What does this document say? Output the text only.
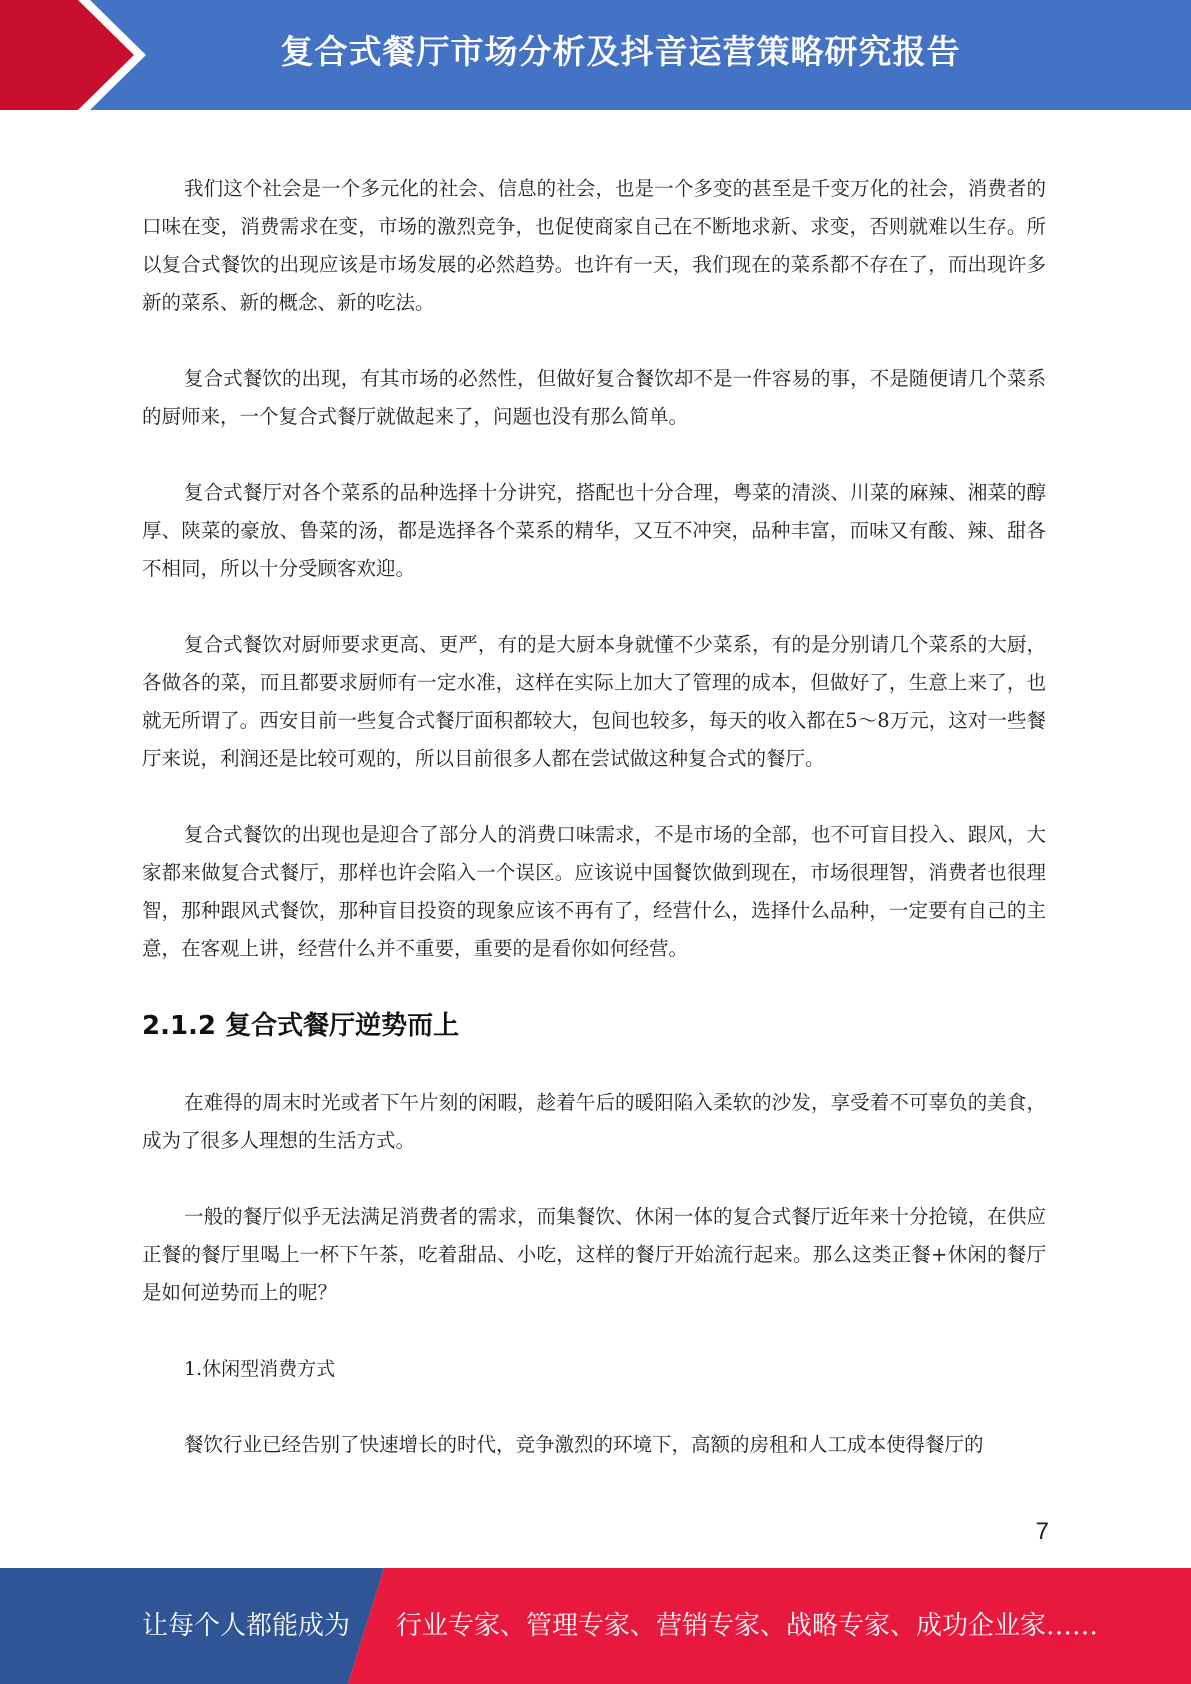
复合式餐厅市场分析及抖音运营策略研究报告

我们这个社会是一个多元化的社会、信息的社会，也是一个多变的甚至是千变万化的社会，消费者的口味在变，消费需求在变，市场的激烈竞争，也促使商家自己在不断地求新、求变，否则就难以生存。所以复合式餐饮的出现应该是市场发展的必然趋势。也许有一天，我们现在的菜系都不存在了，而出现许多新的菜系、新的概念、新的吃法。

复合式餐饮的出现，有其市场的必然性，但做好复合餐饮却不是一件容易的事，不是随便请几个菜系的厨师来，一个复合式餐厅就做起来了，问题也没有那么简单。

复合式餐厅对各个菜系的品种选择十分讲究，搭配也十分合理，粤菜的清淡、川菜的麻辣、湘菜的醇厚、陕菜的豪放、鲁菜的汤，都是选择各个菜系的精华，又互不冲突，品种丰富，而味又有酸、辣、甜各不相同，所以十分受顾客欢迎。

复合式餐饮对厨师要求更高、更严，有的是大厨本身就懂不少菜系，有的是分别请几个菜系的大厨，各做各的菜，而且都要求厨师有一定水准，这样在实际上加大了管理的成本，但做好了，生意上来了，也就无所谓了。西安目前一些复合式餐厅面积都较大，包间也较多，每天的收入都在5～8万元，这对一些餐厅来说，利润还是比较可观的，所以目前很多人都在尝试做这种复合式的餐厅。

复合式餐饮的出现也是迎合了部分人的消费口味需求，不是市场的全部，也不可盲目投入、跟风，大家都来做复合式餐厅，那样也许会陷入一个误区。应该说中国餐饮做到现在，市场很理智，消费者也很理智，那种跟风式餐饮，那种盲目投资的现象应该不再有了，经营什么，选择什么品种，一定要有自己的主意，在客观上讲，经营什么并不重要，重要的是看你如何经营。

2.1.2 复合式餐厅逆势而上

在难得的周末时光或者下午片刻的闲暇，趁着午后的暖阳陷入柔软的沙发，享受着不可辜负的美食，成为了很多人理想的生活方式。

一般的餐厅似乎无法满足消费者的需求，而集餐饮、休闲一体的复合式餐厅近年来十分抢镜，在供应正餐的餐厅里喝上一杯下午茶，吃着甜品、小吃，这样的餐厅开始流行起来。那么这类正餐+休闲的餐厅是如何逆势而上的呢？

1.休闲型消费方式

餐饮行业已经告别了快速增长的时代，竞争激烈的环境下，高额的房租和人工成本使得餐厅的

7
让每个人都能成为 行业专家、管理专家、营销专家、战略专家、成功企业家……
